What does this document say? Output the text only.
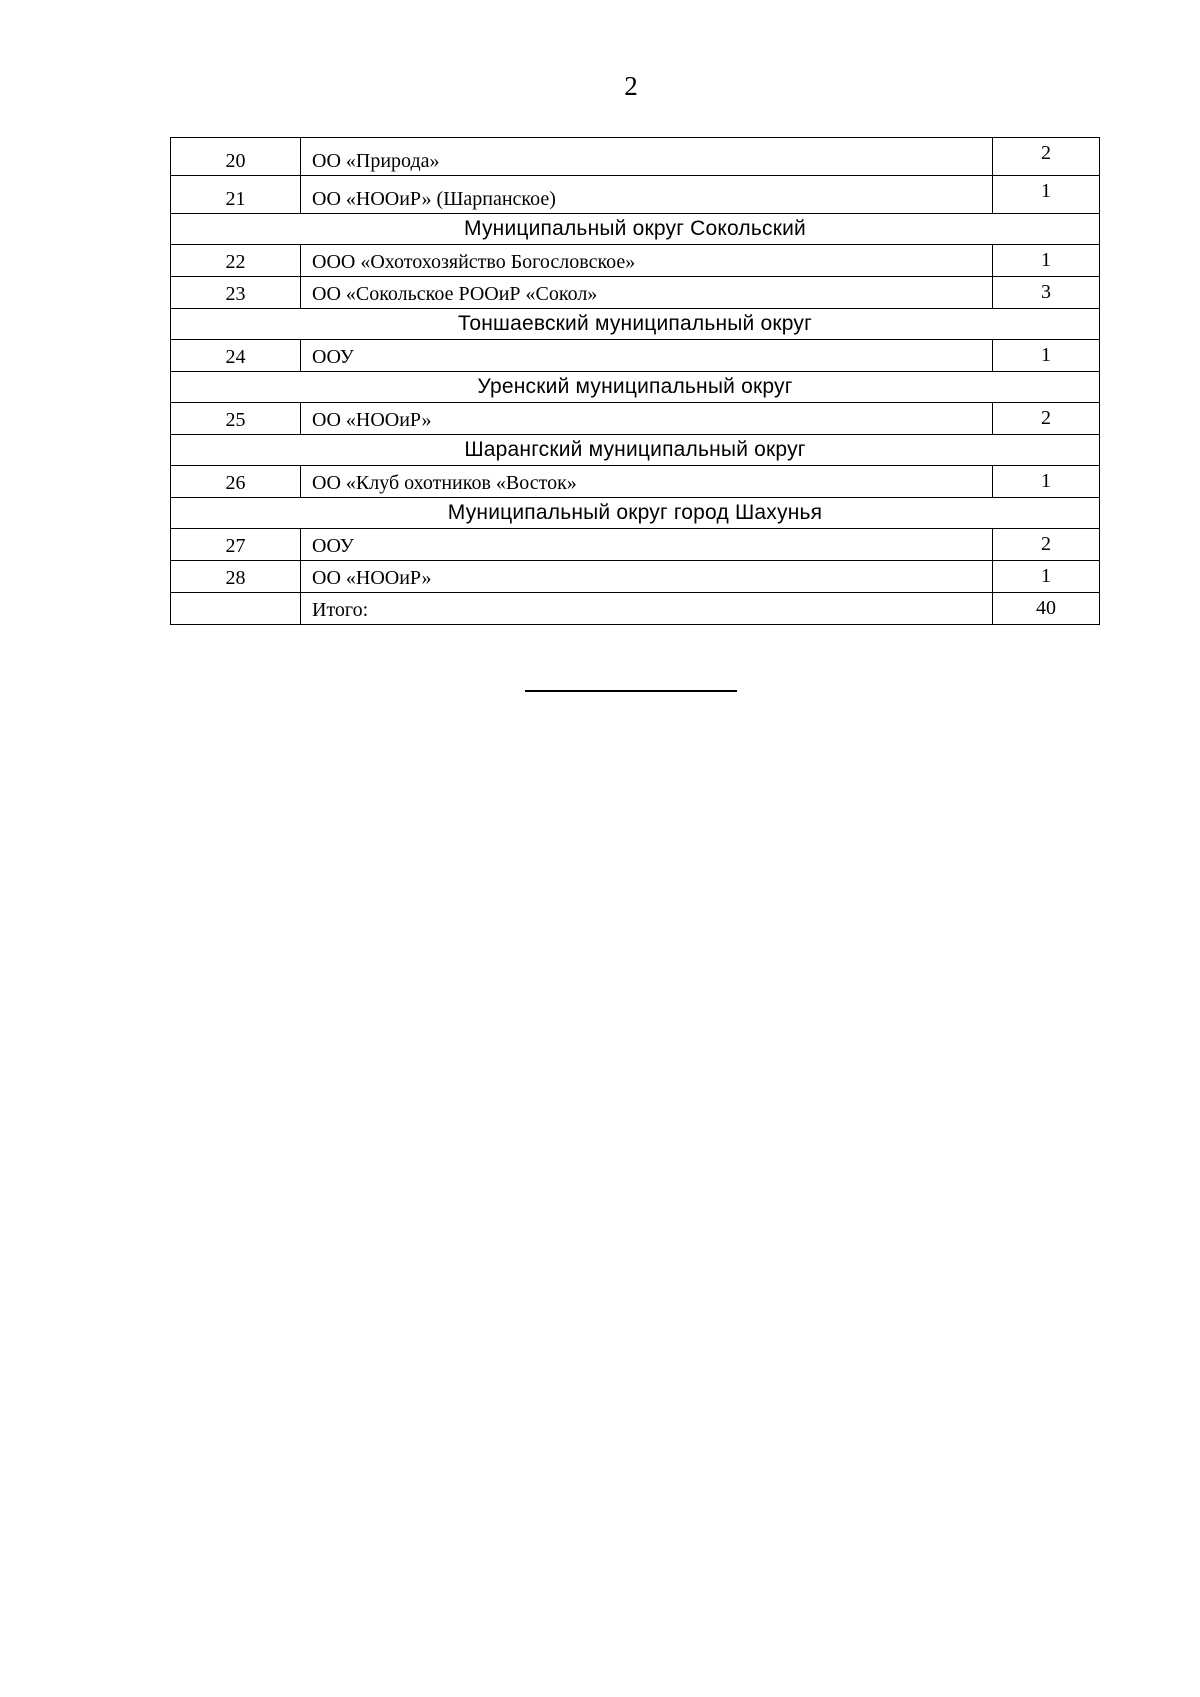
2
20	ОО «Природа»	2
21	ОО «НООиР» (Шарпанское)	1
Муниципальный округ Сокольский		
22	ООО «Охотохозяйство Богословское»	1
23	ОО «Сокольское РООиР «Сокол»	3
Тоншаевский муниципальный округ		
24	ООУ	1
Уренский муниципальный округ		
25	ОО «НООиР»	2
Шарангский муниципальный округ		
26	ОО «Клуб охотников «Восток»	1
Муниципальный округ город Шахунья		
27	ООУ	2
28	ОО «НООиР»	1
	Итого:	40
